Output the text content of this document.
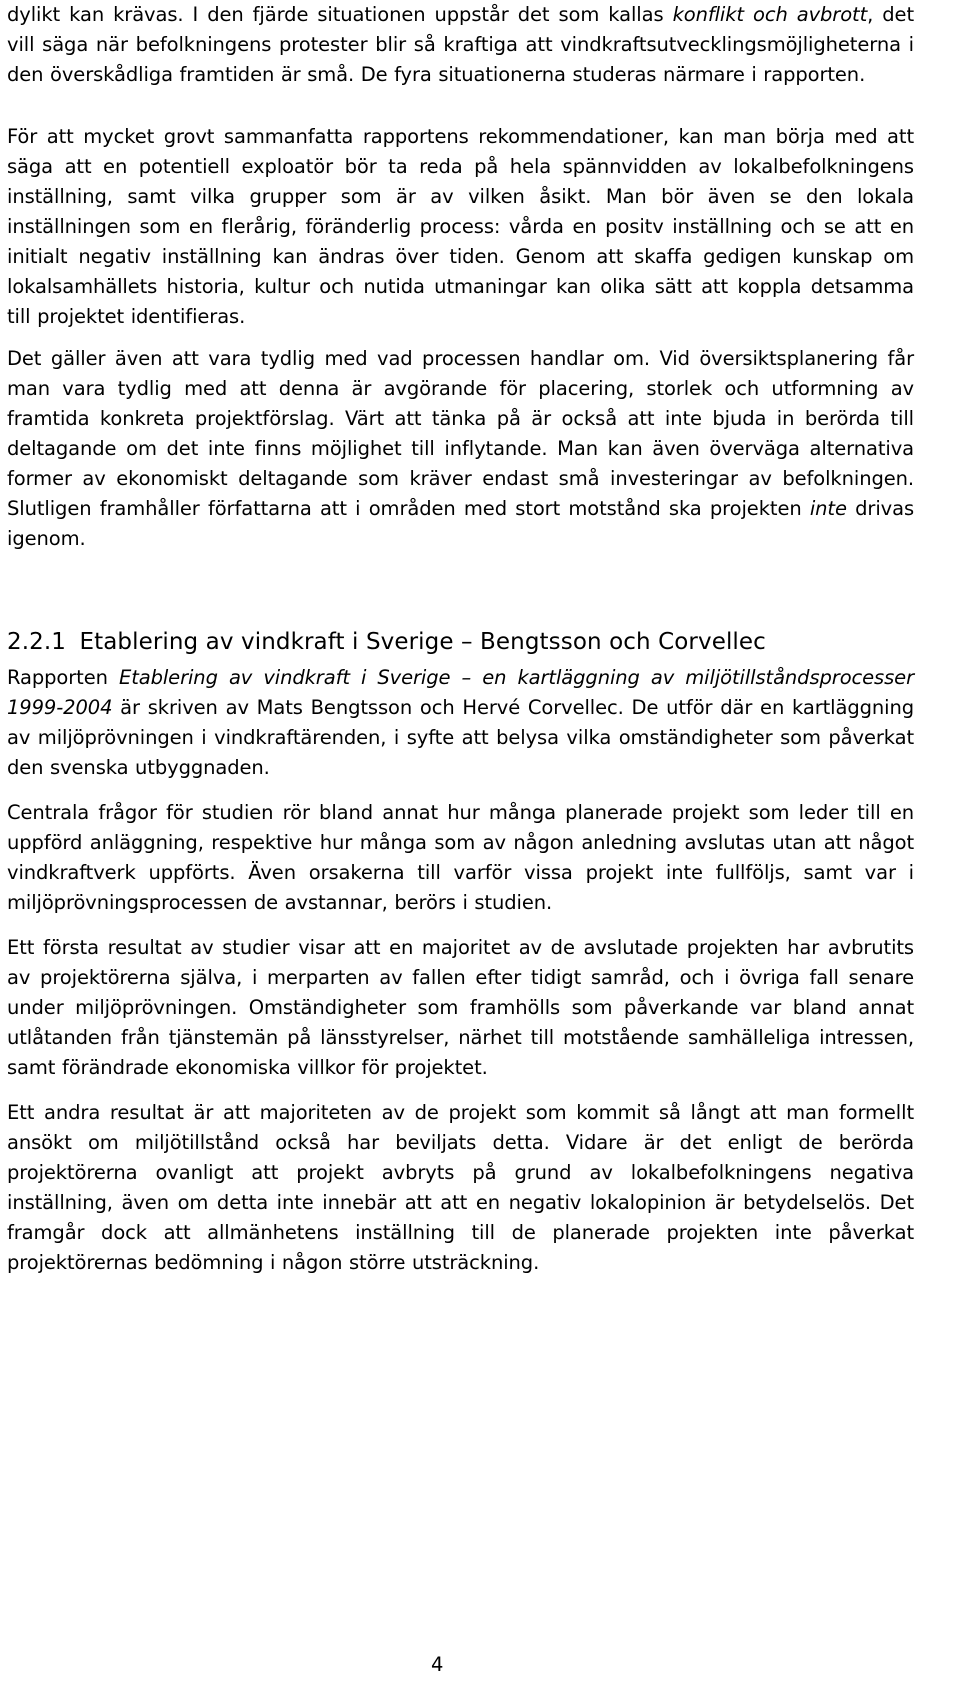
dylikt kan krävas. I den fjärde situationen uppstår det som kallas konflikt och avbrott, det vill säga när befolkningens protester blir så kraftiga att vindkraftsutvecklingsmöjligheterna i den överskådliga framtiden är små. De fyra situationerna studeras närmare i rapporten.

För att mycket grovt sammanfatta rapportens rekommendationer, kan man börja med att säga att en potentiell exploatör bör ta reda på hela spännvidden av lokalbefolkningens inställning, samt vilka grupper som är av vilken åsikt. Man bör även se den lokala inställningen som en flerårig, föränderlig process: vårda en positv inställning och se att en initialt negativ inställning kan ändras över tiden. Genom att skaffa gedigen kunskap om lokalsamhällets historia, kultur och nutida utmaningar kan olika sätt att koppla detsamma till projektet identifieras.

Det gäller även att vara tydlig med vad processen handlar om. Vid översiktsplanering får man vara tydlig med att denna är avgörande för placering, storlek och utformning av framtida konkreta projektförslag. Värt att tänka på är också att inte bjuda in berörda till deltagande om det inte finns möjlighet till inflytande. Man kan även överväga alternativa former av ekonomiskt deltagande som kräver endast små investeringar av befolkningen. Slutligen framhåller författarna att i områden med stort motstånd ska projekten inte drivas igenom.

2.2.1 Etablering av vindkraft i Sverige – Bengtsson och Corvellec

Rapporten Etablering av vindkraft i Sverige – en kartläggning av miljötillståndsprocesser 1999-2004 är skriven av Mats Bengtsson och Hervé Corvellec. De utför där en kartläggning av miljöprövningen i vindkraftärenden, i syfte att belysa vilka omständigheter som påverkat den svenska utbyggnaden.

Centrala frågor för studien rör bland annat hur många planerade projekt som leder till en uppförd anläggning, respektive hur många som av någon anledning avslutas utan att något vindkraftverk uppförts. Även orsakerna till varför vissa projekt inte fullföljs, samt var i miljöprövningsprocessen de avstannar, berörs i studien.

Ett första resultat av studier visar att en majoritet av de avslutade projekten har avbrutits av projektörerna själva, i merparten av fallen efter tidigt samråd, och i övriga fall senare under miljöprövningen. Omständigheter som framhölls som påverkande var bland annat utlåtanden från tjänstemän på länsstyrelser, närhet till motstående samhälleliga intressen, samt förändrade ekonomiska villkor för projektet.

Ett andra resultat är att majoriteten av de projekt som kommit så långt att man formellt ansökt om miljötillstånd också har beviljats detta. Vidare är det enligt de berörda projektörerna ovanligt att projekt avbryts på grund av lokalbefolkningens negativa inställning, även om detta inte innebär att att en negativ lokalopinion är betydelselös. Det framgår dock att allmänhetens inställning till de planerade projekten inte påverkat projektörernas bedömning i någon större utsträckning.

4
